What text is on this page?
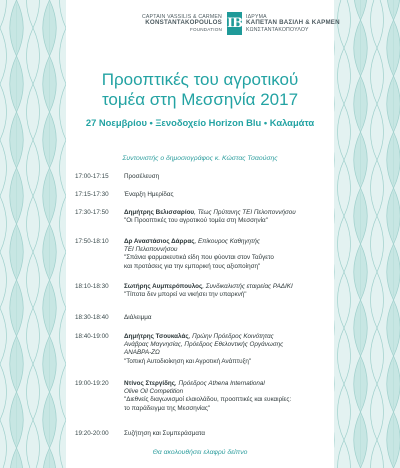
CAPTAIN VASSILIS & CARMEN
KONSTANTAKOPOULOS
FOUNDATION ΙΒ ΙΔΡΥΜΑ
ΚΑΠΕΤΑΝ ΒΑΣΙΛΗ & ΚΑΡΜΕΝ
ΚΩΝΣΤΑΝΤΑΚΟΠΟΥΛΟΥ
Προοπτικές του αγροτικού
τομέα στη Μεσσηνία 2017
27 Νοεμβρίου • Ξενοδοχείο Horizon Blu • Καλαμάτα
Συντονιστής ο δημοσιογράφος κ. Κώστας Τσαούσης
17:00-17:15	Προσέλευση
17:15-17:30	Έναρξη Ημερίδας
17:30-17:50	Δημήτρης Βελισσαρίου, Τέως Πρύτανης ΤΕΙ Πελοποννήσου
"Οι Προοπτικές του αγροτικού τομέα στη Μεσσηνία"
17:50-18:10	Δρ Αναστάσιος Δάρρας, Επίκουρος Καθηγητής
ΤΕΙ Πελοποννήσου
"Σπάνια φαρμακευτικά είδη που φύονται στον Ταΰγετο
και προτάσεις για την εμπορική τους αξιοποίηση"
18:10-18:30	Σωτήρης Αυμπερόπουλος, Συνδικαλιστής εταιρείας ΡΑΔΙΚΙ
"Τίποτα δεν μπορεί να νικήσει την υπαρκνή"
18:30-18:40	Διάλειμμα
18:40-19:00	Δημήτρης Τσουκαλάς, Πρώην Πρόεδρος Κοινότητας
Ανάβρας Μαγνησίας, Πρόεδρος Εθελοντικής Οργάνωσης
ΑΝΑΒΡΑ-ΖΩ
"Τοπική Αυτοδιοίκηση και Αγροτική Ανάπτυξη"
19:00-19:20	Ντίνος Στεργίδης, Πρόεδρος Athena International
Olive Oil Competition
"Διεθνείς διαγωνισμοί ελαιολάδου, προοπτικές και ευκαιρίες:
το παράδειγμα της Μεσσηνίας"
19:20-20:00	Συζήτηση και Συμπεράσματα
Θα ακολουθήσει ελαφρύ δείπνο
